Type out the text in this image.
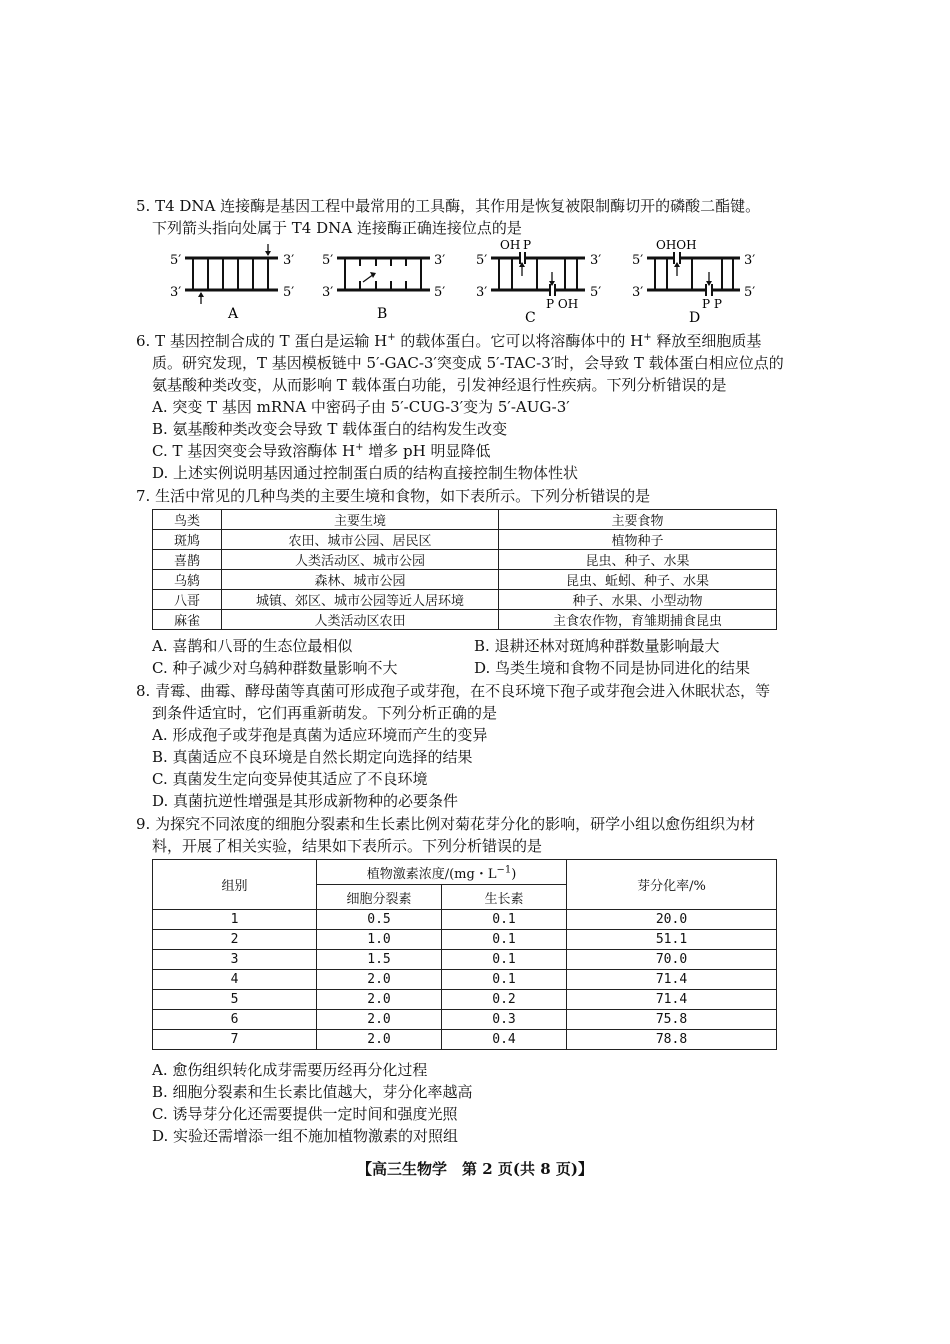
5. T4 DNA 连接酶是基因工程中最常用的工具酶，其作用是恢复被限制酶切开的磷酸二酯键。
下列箭头指向处属于 T4 DNA 连接酶正确连接位点的是
5′	3′
3′	5′
A
5′	3′
3′	5′
B
OH P
5′	3′
3′	5′
P OH
C
OHOH
5′	3′
3′	5′
P P
D
6. T 基因控制合成的 T 蛋白是运输 H+ 的载体蛋白。它可以将溶酶体中的 H+ 释放至细胞质基
质。研究发现，T 基因模板链中 5′-GAC-3′突变成 5′-TAC-3′时，会导致 T 载体蛋白相应位点的
氨基酸种类改变，从而影响 T 载体蛋白功能，引发神经退行性疾病。下列分析错误的是
A. 突变 T 基因 mRNA 中密码子由 5′-CUG-3′变为 5′-AUG-3′
B. 氨基酸种类改变会导致 T 载体蛋白的结构发生改变
C. T 基因突变会导致溶酶体 H+ 增多 pH 明显降低
D. 上述实例说明基因通过控制蛋白质的结构直接控制生物体性状
7. 生活中常见的几种鸟类的主要生境和食物，如下表所示。下列分析错误的是
鸟类	主要生境	主要食物
斑鸠	农田、城市公园、居民区	植物种子
喜鹊	人类活动区、城市公园	昆虫、种子、水果
乌鸫	森林、城市公园	昆虫、蚯蚓、种子、水果
八哥	城镇、郊区、城市公园等近人居环境	种子、水果、小型动物
麻雀	人类活动区农田	主食农作物，育雏期捕食昆虫
A. 喜鹊和八哥的生态位最相似	B. 退耕还林对斑鸠种群数量影响最大
C. 种子减少对乌鸫种群数量影响不大	D. 鸟类生境和食物不同是协同进化的结果
8. 青霉、曲霉、酵母菌等真菌可形成孢子或芽孢，在不良环境下孢子或芽孢会进入休眠状态，等
到条件适宜时，它们再重新萌发。下列分析正确的是
A. 形成孢子或芽孢是真菌为适应环境而产生的变异
B. 真菌适应不良环境是自然长期定向选择的结果
C. 真菌发生定向变异使其适应了不良环境
D. 真菌抗逆性增强是其形成新物种的必要条件
9. 为探究不同浓度的细胞分裂素和生长素比例对菊花芽分化的影响，研学小组以愈伤组织为材
料，开展了相关实验，结果如下表所示。下列分析错误的是
组别	植物激素浓度/(mg・$L^{-1}$)		芽分化率/%
	细胞分裂素	生长素	
1	0.5	0.1	20.0
2	1.0	0.1	51.1
3	1.5	0.1	70.0
4	2.0	0.1	71.4
5	2.0	0.2	71.4
6	2.0	0.3	75.8
7	2.0	0.4	78.8
A. 愈伤组织转化成芽需要历经再分化过程
B. 细胞分裂素和生长素比值越大，芽分化率越高
C. 诱导芽分化还需要提供一定时间和强度光照
D. 实验还需增添一组不施加植物激素的对照组
【高三生物学　第 2 页(共 8 页)】
